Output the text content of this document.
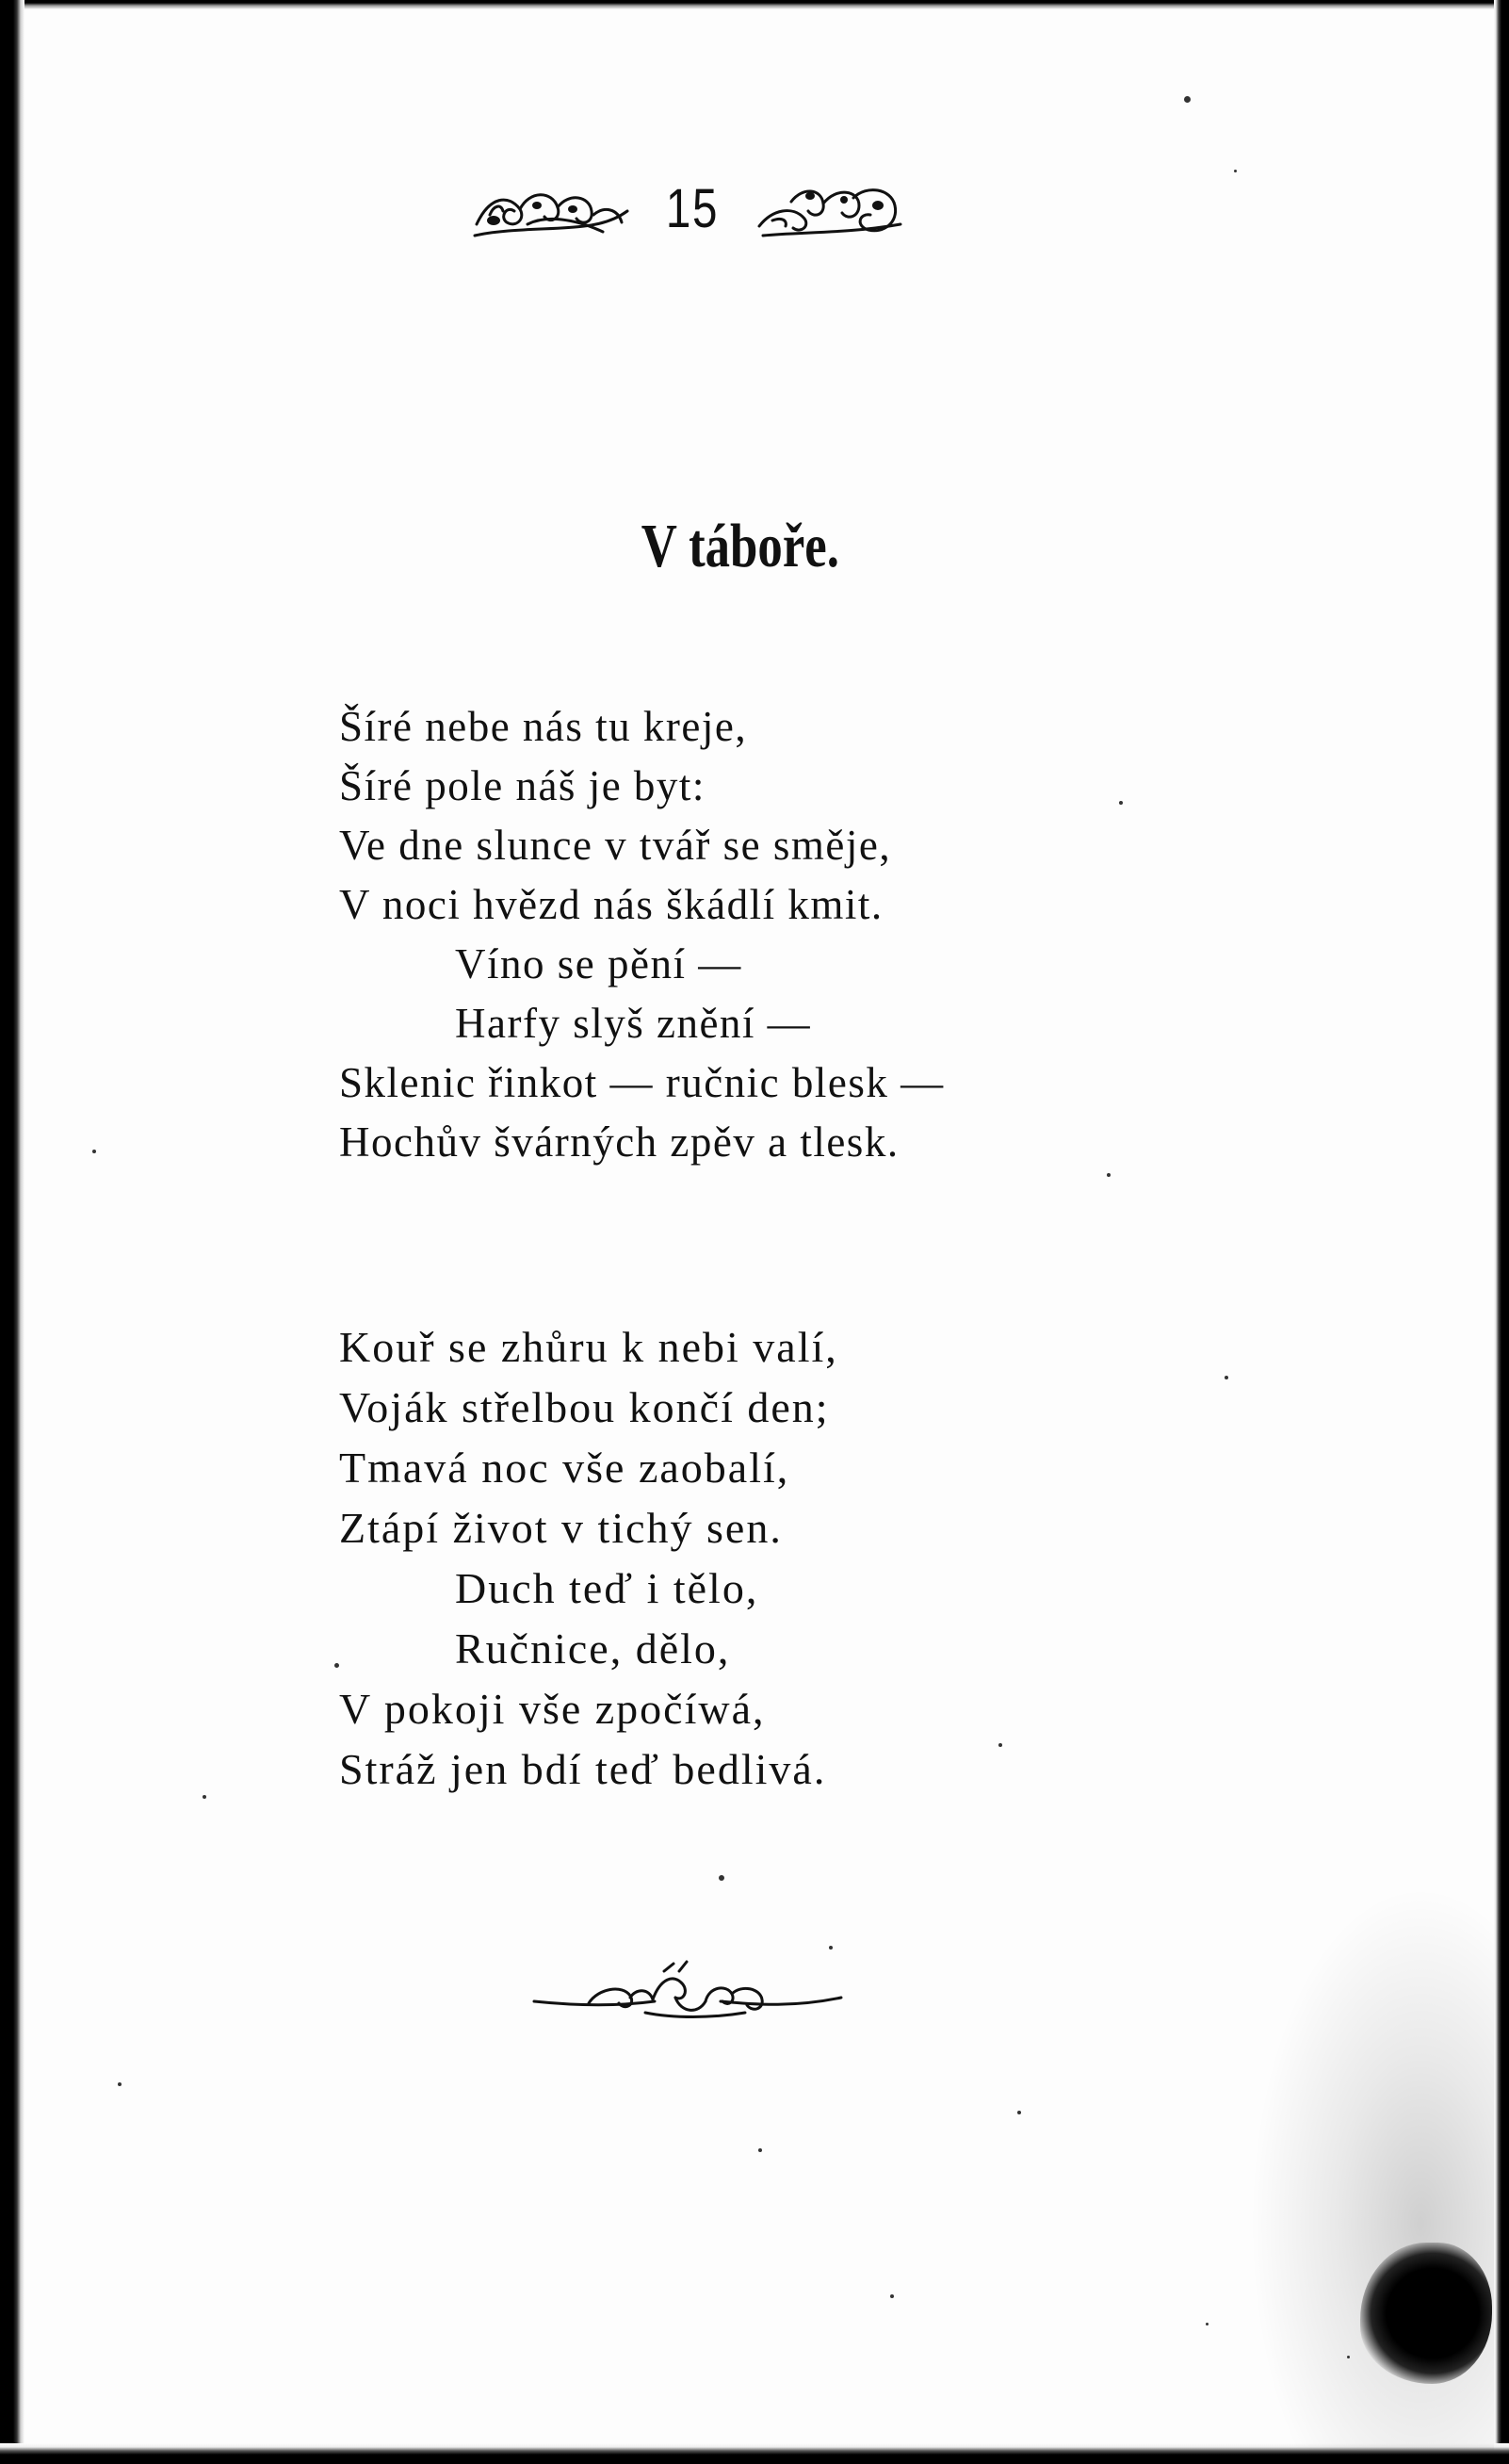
15
V táboře.
Šíré nebe nás tu kreje,
Šíré pole náš je byt:
Ve dne slunce v tvář se směje,
V noci hvězd nás škádlí kmit.
Víno se pění —
Harfy slyš znění —
Sklenic řinkot — ručnic blesk —
Hochův švárných zpěv a tlesk.
Kouř se zhůru k nebi valí,
Voják střelbou končí den;
Tmavá noc vše zaobalí,
Ztápí život v tichý sen.
Duch teď i tělo,
Ručnice, dělo,
V pokoji vše zpočíwá,
Stráž jen bdí teď bedlivá.
